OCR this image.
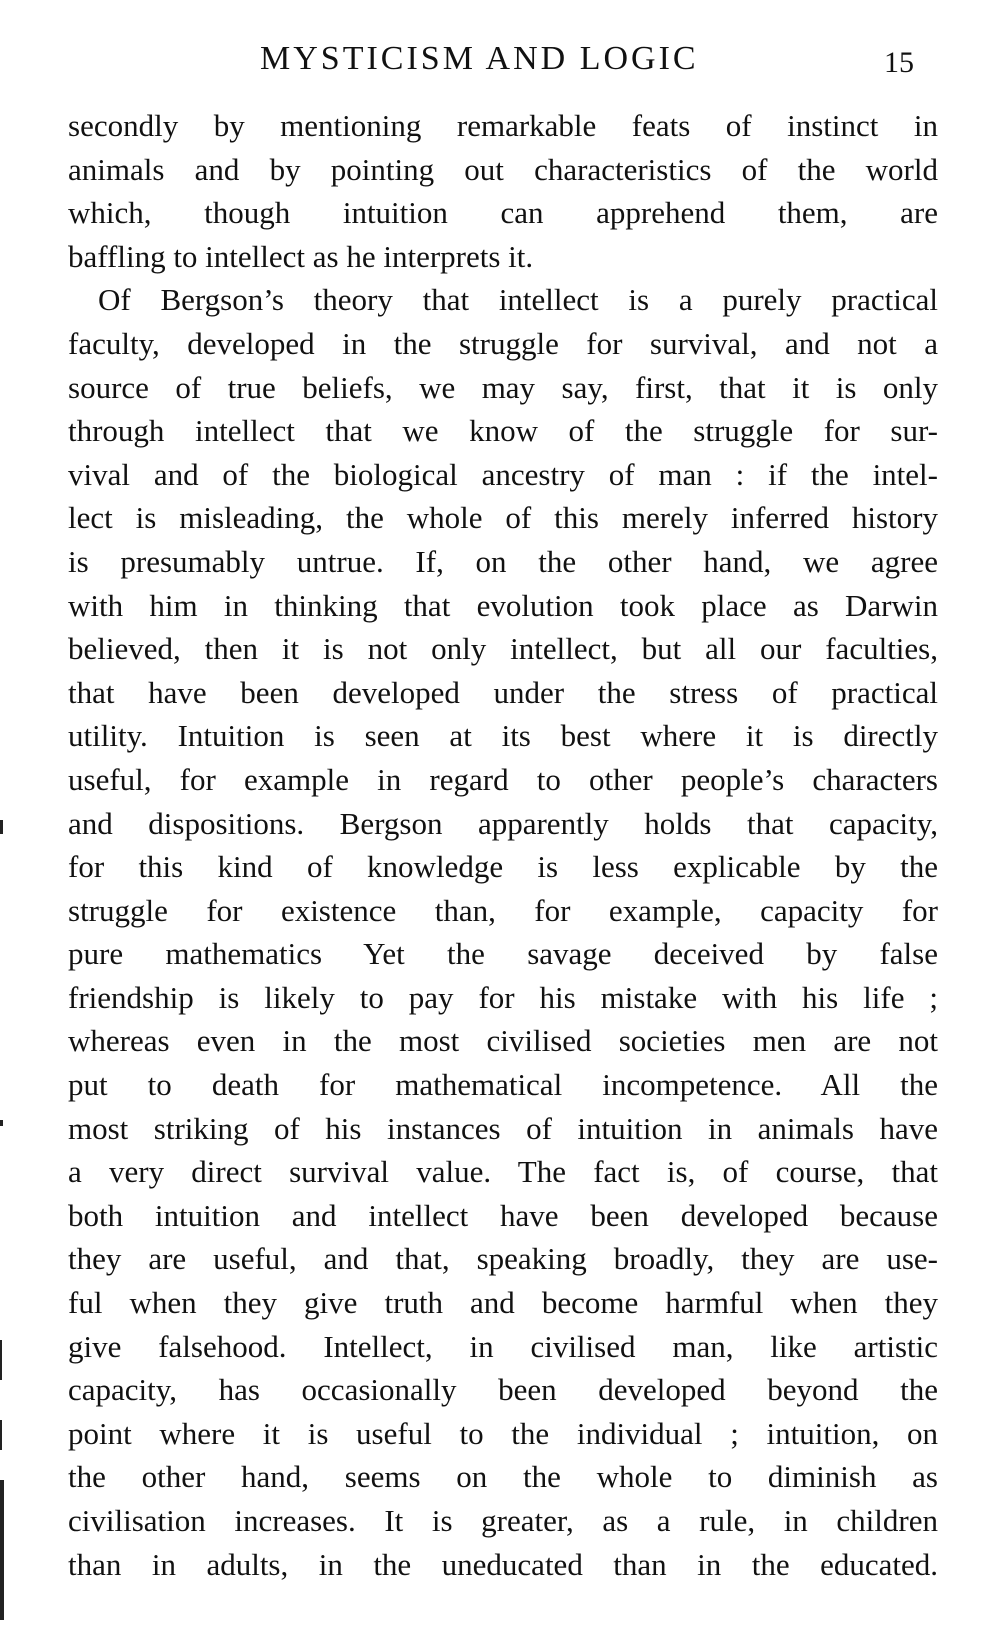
MYSTICISM AND LOGIC	15
secondly by mentioning remarkable feats of instinct in
animals and by pointing out characteristics of the world
which, though intuition can apprehend them, are
baffling to intellect as he interprets it.
Of Bergson’s theory that intellect is a purely practical
faculty, developed in the struggle for survival, and not a
source of true beliefs, we may say, first, that it is only
through intellect that we know of the struggle for sur-
vival and of the biological ancestry of man : if the intel-
lect is misleading, the whole of this merely inferred history
is presumably untrue. If, on the other hand, we agree
with him in thinking that evolution took place as Darwin
believed, then it is not only intellect, but all our faculties,
that have been developed under the stress of practical
utility. Intuition is seen at its best where it is directly
useful, for example in regard to other people’s characters
and dispositions. Bergson apparently holds that capacity,
for this kind of knowledge is less explicable by the
struggle for existence than, for example, capacity for
pure mathematics Yet the savage deceived by false
friendship is likely to pay for his mistake with his life ;
whereas even in the most civilised societies men are not
put to death for mathematical incompetence. All the
most striking of his instances of intuition in animals have
a very direct survival value. The fact is, of course, that
both intuition and intellect have been developed because
they are useful, and that, speaking broadly, they are use-
ful when they give truth and become harmful when they
give falsehood. Intellect, in civilised man, like artistic
capacity, has occasionally been developed beyond the
point where it is useful to the individual ; intuition, on
the other hand, seems on the whole to diminish as
civilisation increases. It is greater, as a rule, in children
than in adults, in the uneducated than in the educated.
